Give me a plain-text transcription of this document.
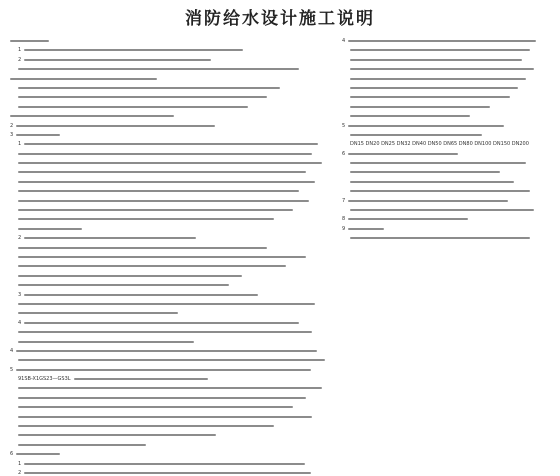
消防给水设计施工说明
1
2
2
3
1
2
3
4
4
5
91SB-X1GS23—GS3L
6
1
2
4
5
DN15 DN20 DN25 DN32 DN40 DN50 DN65 DN80 DN100 DN150 DN200
6
7
8
9
